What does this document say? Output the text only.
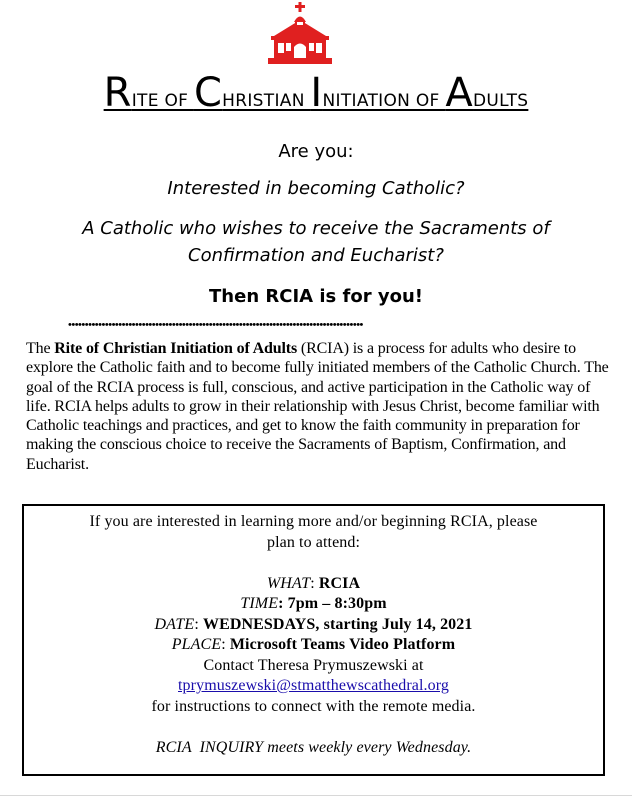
RITE OF CHRISTIAN INITIATION OF ADULTS
Are you:
Interested in becoming Catholic?
A Catholic who wishes to receive the Sacraments of
Confirmation and Eucharist?
Then RCIA is for you!
••••••••••••••••••••••••••••••••••••••••••••••••••••••••••••••••••••••••••••••••••••••••
The Rite of Christian Initiation of Adults (RCIA) is a process for adults who desire to explore the Catholic faith and to become fully initiated members of the Catholic Church. The goal of the RCIA process is full, conscious, and active participation in the Catholic way of life. RCIA helps adults to grow in their relationship with Jesus Christ, become familiar with Catholic teachings and practices, and get to know the faith community in preparation for making the conscious choice to receive the Sacraments of Baptism, Confirmation, and Eucharist.

If you are interested in learning more and/or beginning RCIA, please

plan to attend:

WHAT: RCIA

TIME: 7pm – 8:30pm

DATE: WEDNESDAYS, starting July 14, 2021

PLACE: Microsoft Teams Video Platform

Contact Theresa Prymuszewski at

tprymuszewski@stmatthewscathedral.org

for instructions to connect with the remote media.

RCIA  INQUIRY meets weekly every Wednesday.
